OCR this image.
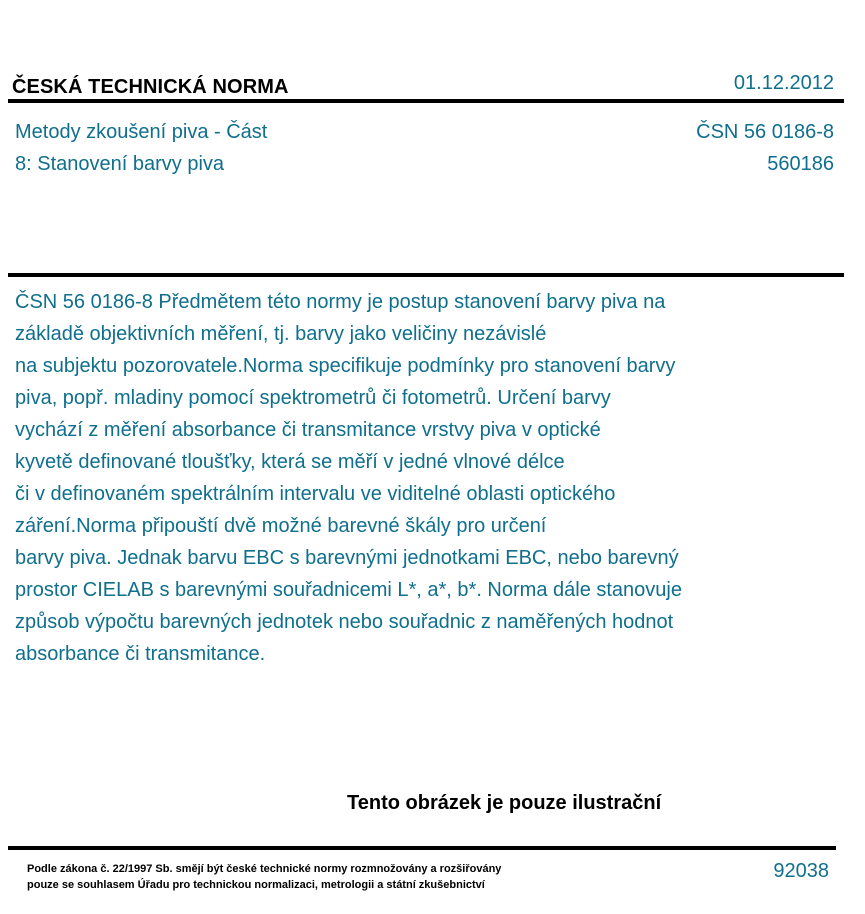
ČESKÁ TECHNICKÁ NORMA	01.12.2012
Metody zkoušení piva - Část
8: Stanovení barvy piva
ČSN 56 0186-8
560186
ČSN 56 0186-8 Předmětem této normy je postup stanovení barvy piva na
základě objektivních měření, tj. barvy jako veličiny nezávislé
na subjektu pozorovatele.Norma specifikuje podmínky pro stanovení barvy
piva, popř. mladiny pomocí spektrometrů či fotometrů. Určení barvy
vychází z měření absorbance či transmitance vrstvy piva v optické
kyvetě definované tloušťky, která se měří v jedné vlnové délce
či v definovaném spektrálním intervalu ve viditelné oblasti optického
záření.Norma připouští dvě možné barevné škály pro určení
barvy piva. Jednak barvu EBC s barevnými jednotkami EBC, nebo barevný
prostor CIELAB s barevnými souřadnicemi L*, a*, b*. Norma dále stanovuje
způsob výpočtu barevných jednotek nebo souřadnic z naměřených hodnot
absorbance či transmitance.
Tento obrázek je pouze ilustrační
Podle zákona č. 22/1997 Sb. smějí být české technické normy rozmnožovány a rozšiřovány
pouze se souhlasem Úřadu pro technickou normalizaci, metrologii a státní zkušebnictví
92038
